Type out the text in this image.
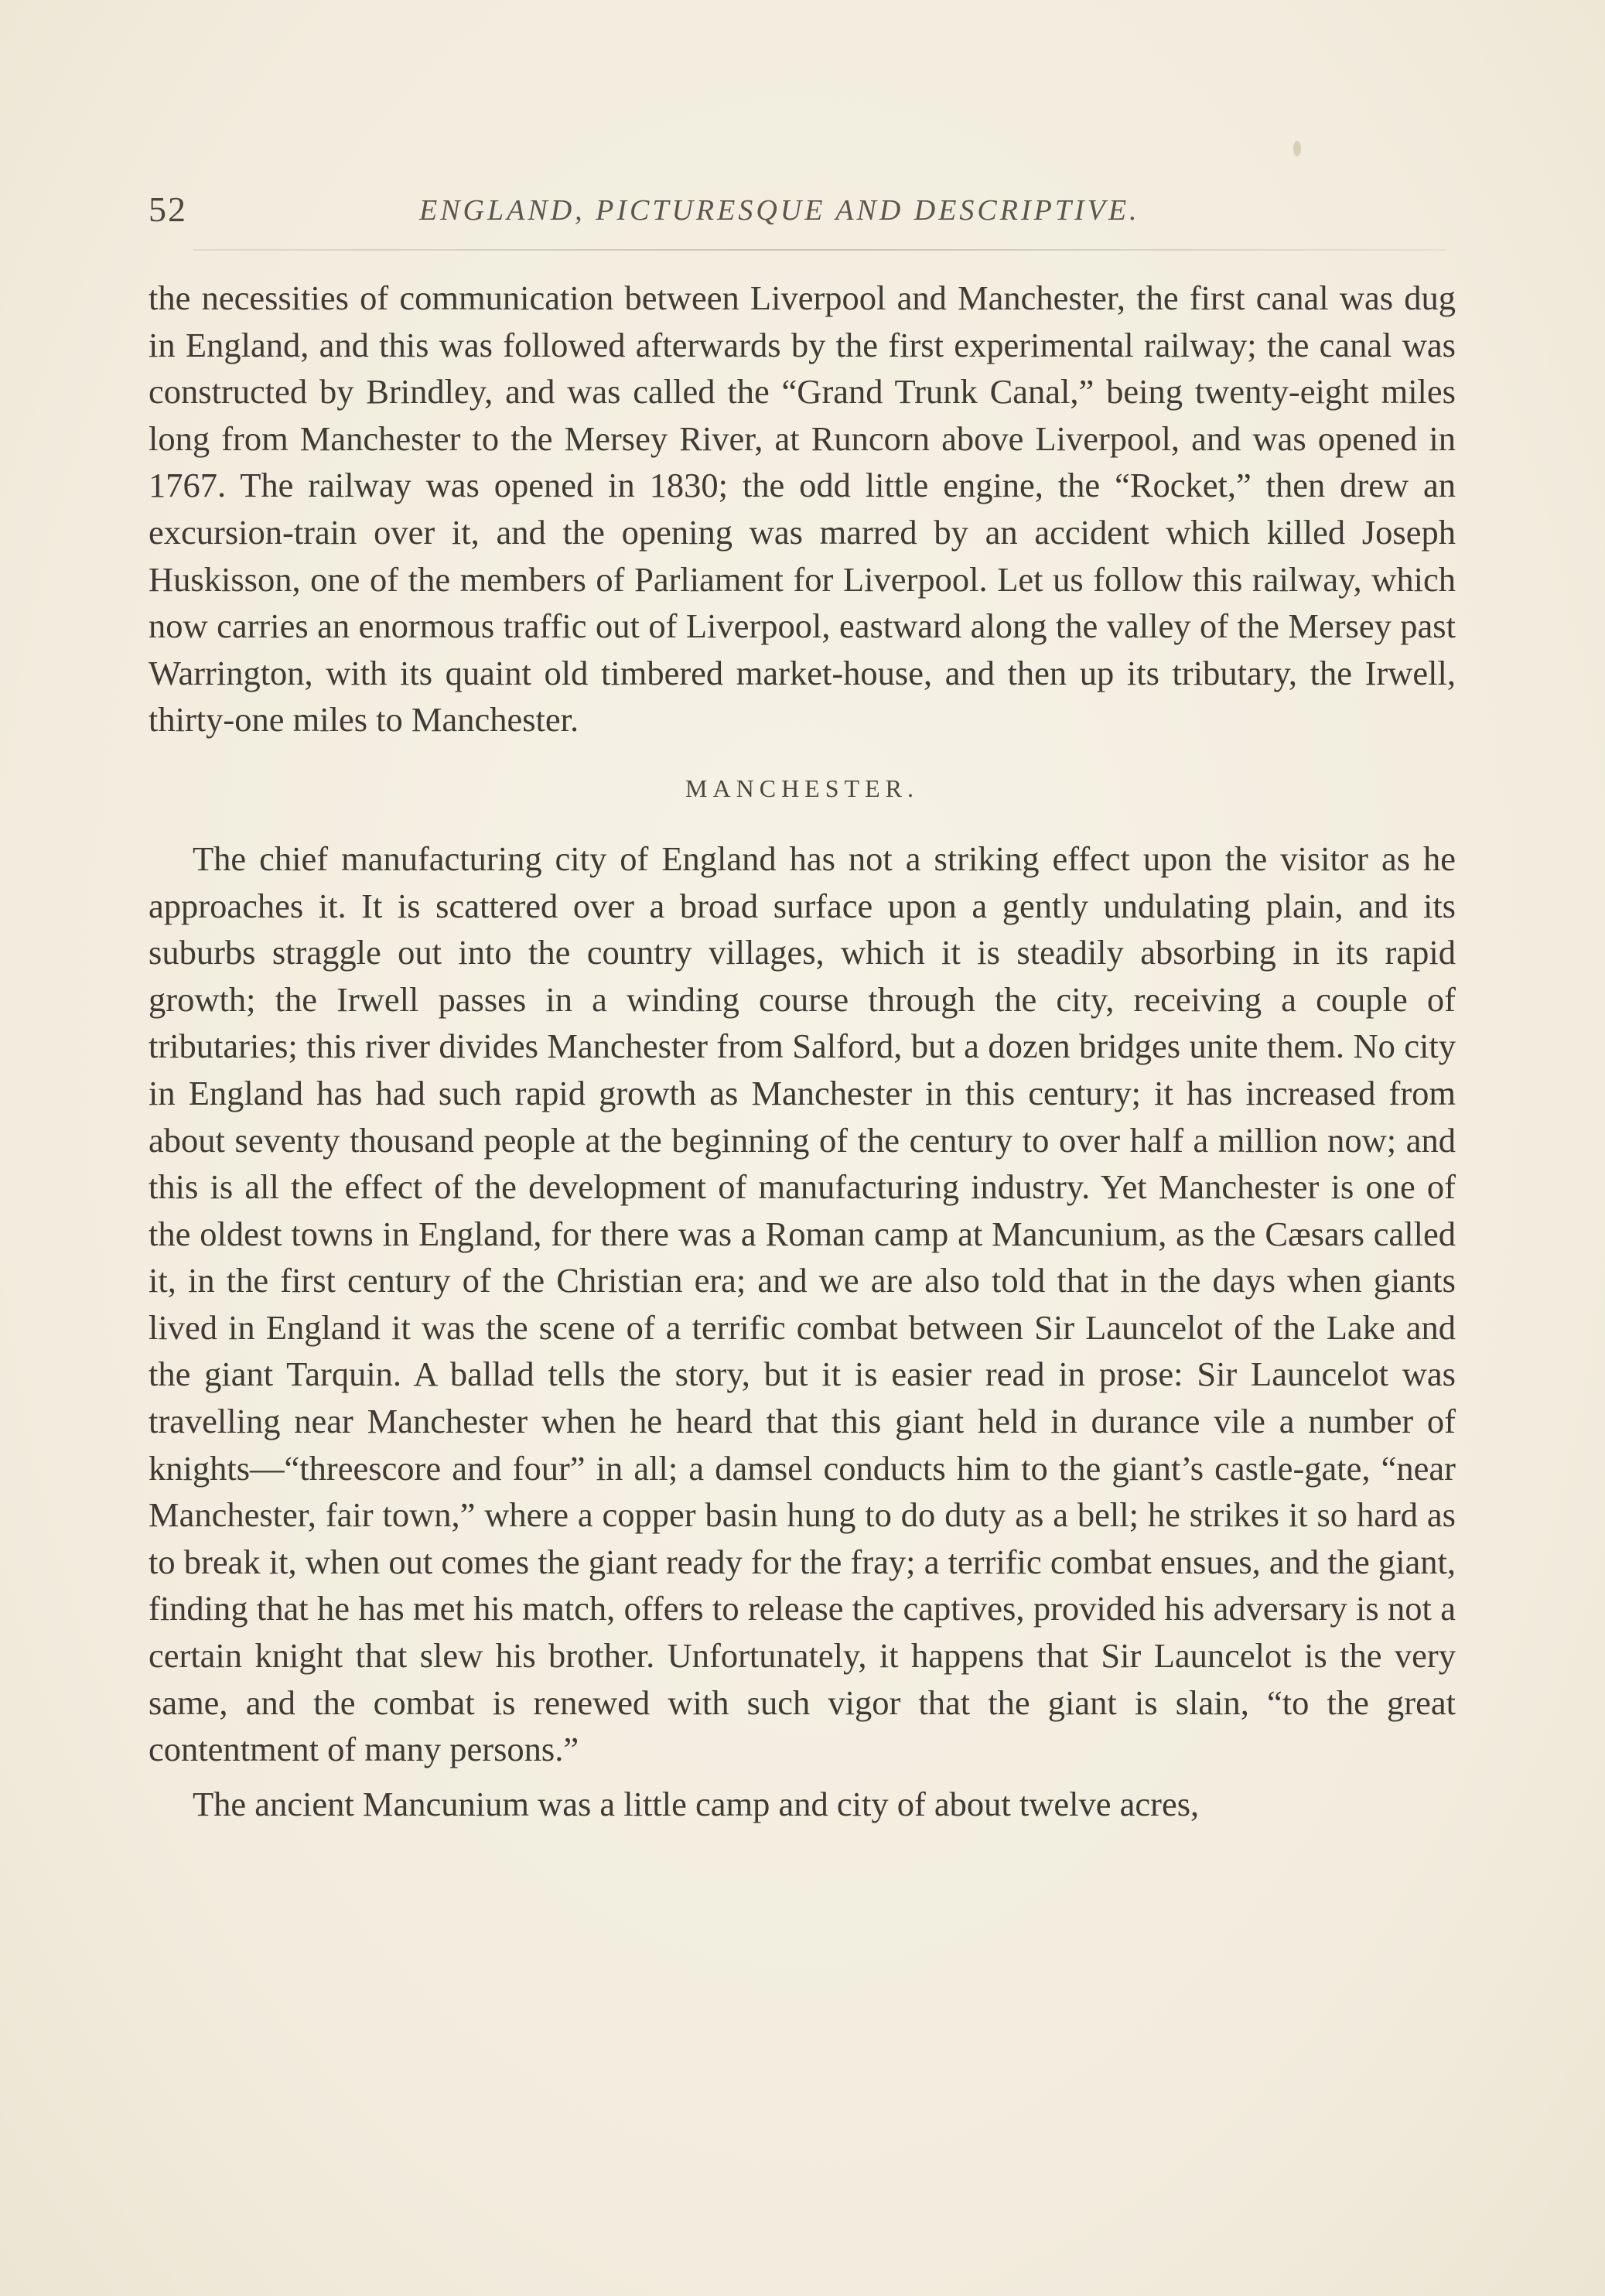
52	ENGLAND, PICTURESQUE AND DESCRIPTIVE.

the necessities of communication between Liverpool and Manchester, the first canal was dug in England, and this was followed afterwards by the first experimental railway; the canal was constructed by Brindley, and was called the “Grand Trunk Canal,” being twenty-eight miles long from Manchester to the Mersey River, at Runcorn above Liverpool, and was opened in 1767. The railway was opened in 1830; the odd little engine, the “Rocket,” then drew an excursion-train over it, and the opening was marred by an accident which killed Joseph Huskisson, one of the members of Parliament for Liverpool. Let us follow this railway, which now carries an enormous traffic out of Liverpool, eastward along the valley of the Mersey past Warrington, with its quaint old timbered market-house, and then up its tributary, the Irwell, thirty-one miles to Manchester.

MANCHESTER.

The chief manufacturing city of England has not a striking effect upon the visitor as he approaches it. It is scattered over a broad surface upon a gently undulating plain, and its suburbs straggle out into the country villages, which it is steadily absorbing in its rapid growth; the Irwell passes in a winding course through the city, receiving a couple of tributaries; this river divides Manchester from Salford, but a dozen bridges unite them. No city in England has had such rapid growth as Manchester in this century; it has increased from about seventy thousand people at the beginning of the century to over half a million now; and this is all the effect of the development of manufacturing industry. Yet Manchester is one of the oldest towns in England, for there was a Roman camp at Mancunium, as the Cæsars called it, in the first century of the Christian era; and we are also told that in the days when giants lived in England it was the scene of a terrific combat between Sir Launcelot of the Lake and the giant Tarquin. A ballad tells the story, but it is easier read in prose: Sir Launcelot was travelling near Manchester when he heard that this giant held in durance vile a number of knights—“threescore and four” in all; a damsel conducts him to the giant’s castle-gate, “near Manchester, fair town,” where a copper basin hung to do duty as a bell; he strikes it so hard as to break it, when out comes the giant ready for the fray; a terrific combat ensues, and the giant, finding that he has met his match, offers to release the captives, provided his adversary is not a certain knight that slew his brother. Unfortunately, it happens that Sir Launcelot is the very same, and the combat is renewed with such vigor that the giant is slain, “to the great contentment of many persons.”

The ancient Mancunium was a little camp and city of about twelve acres,
